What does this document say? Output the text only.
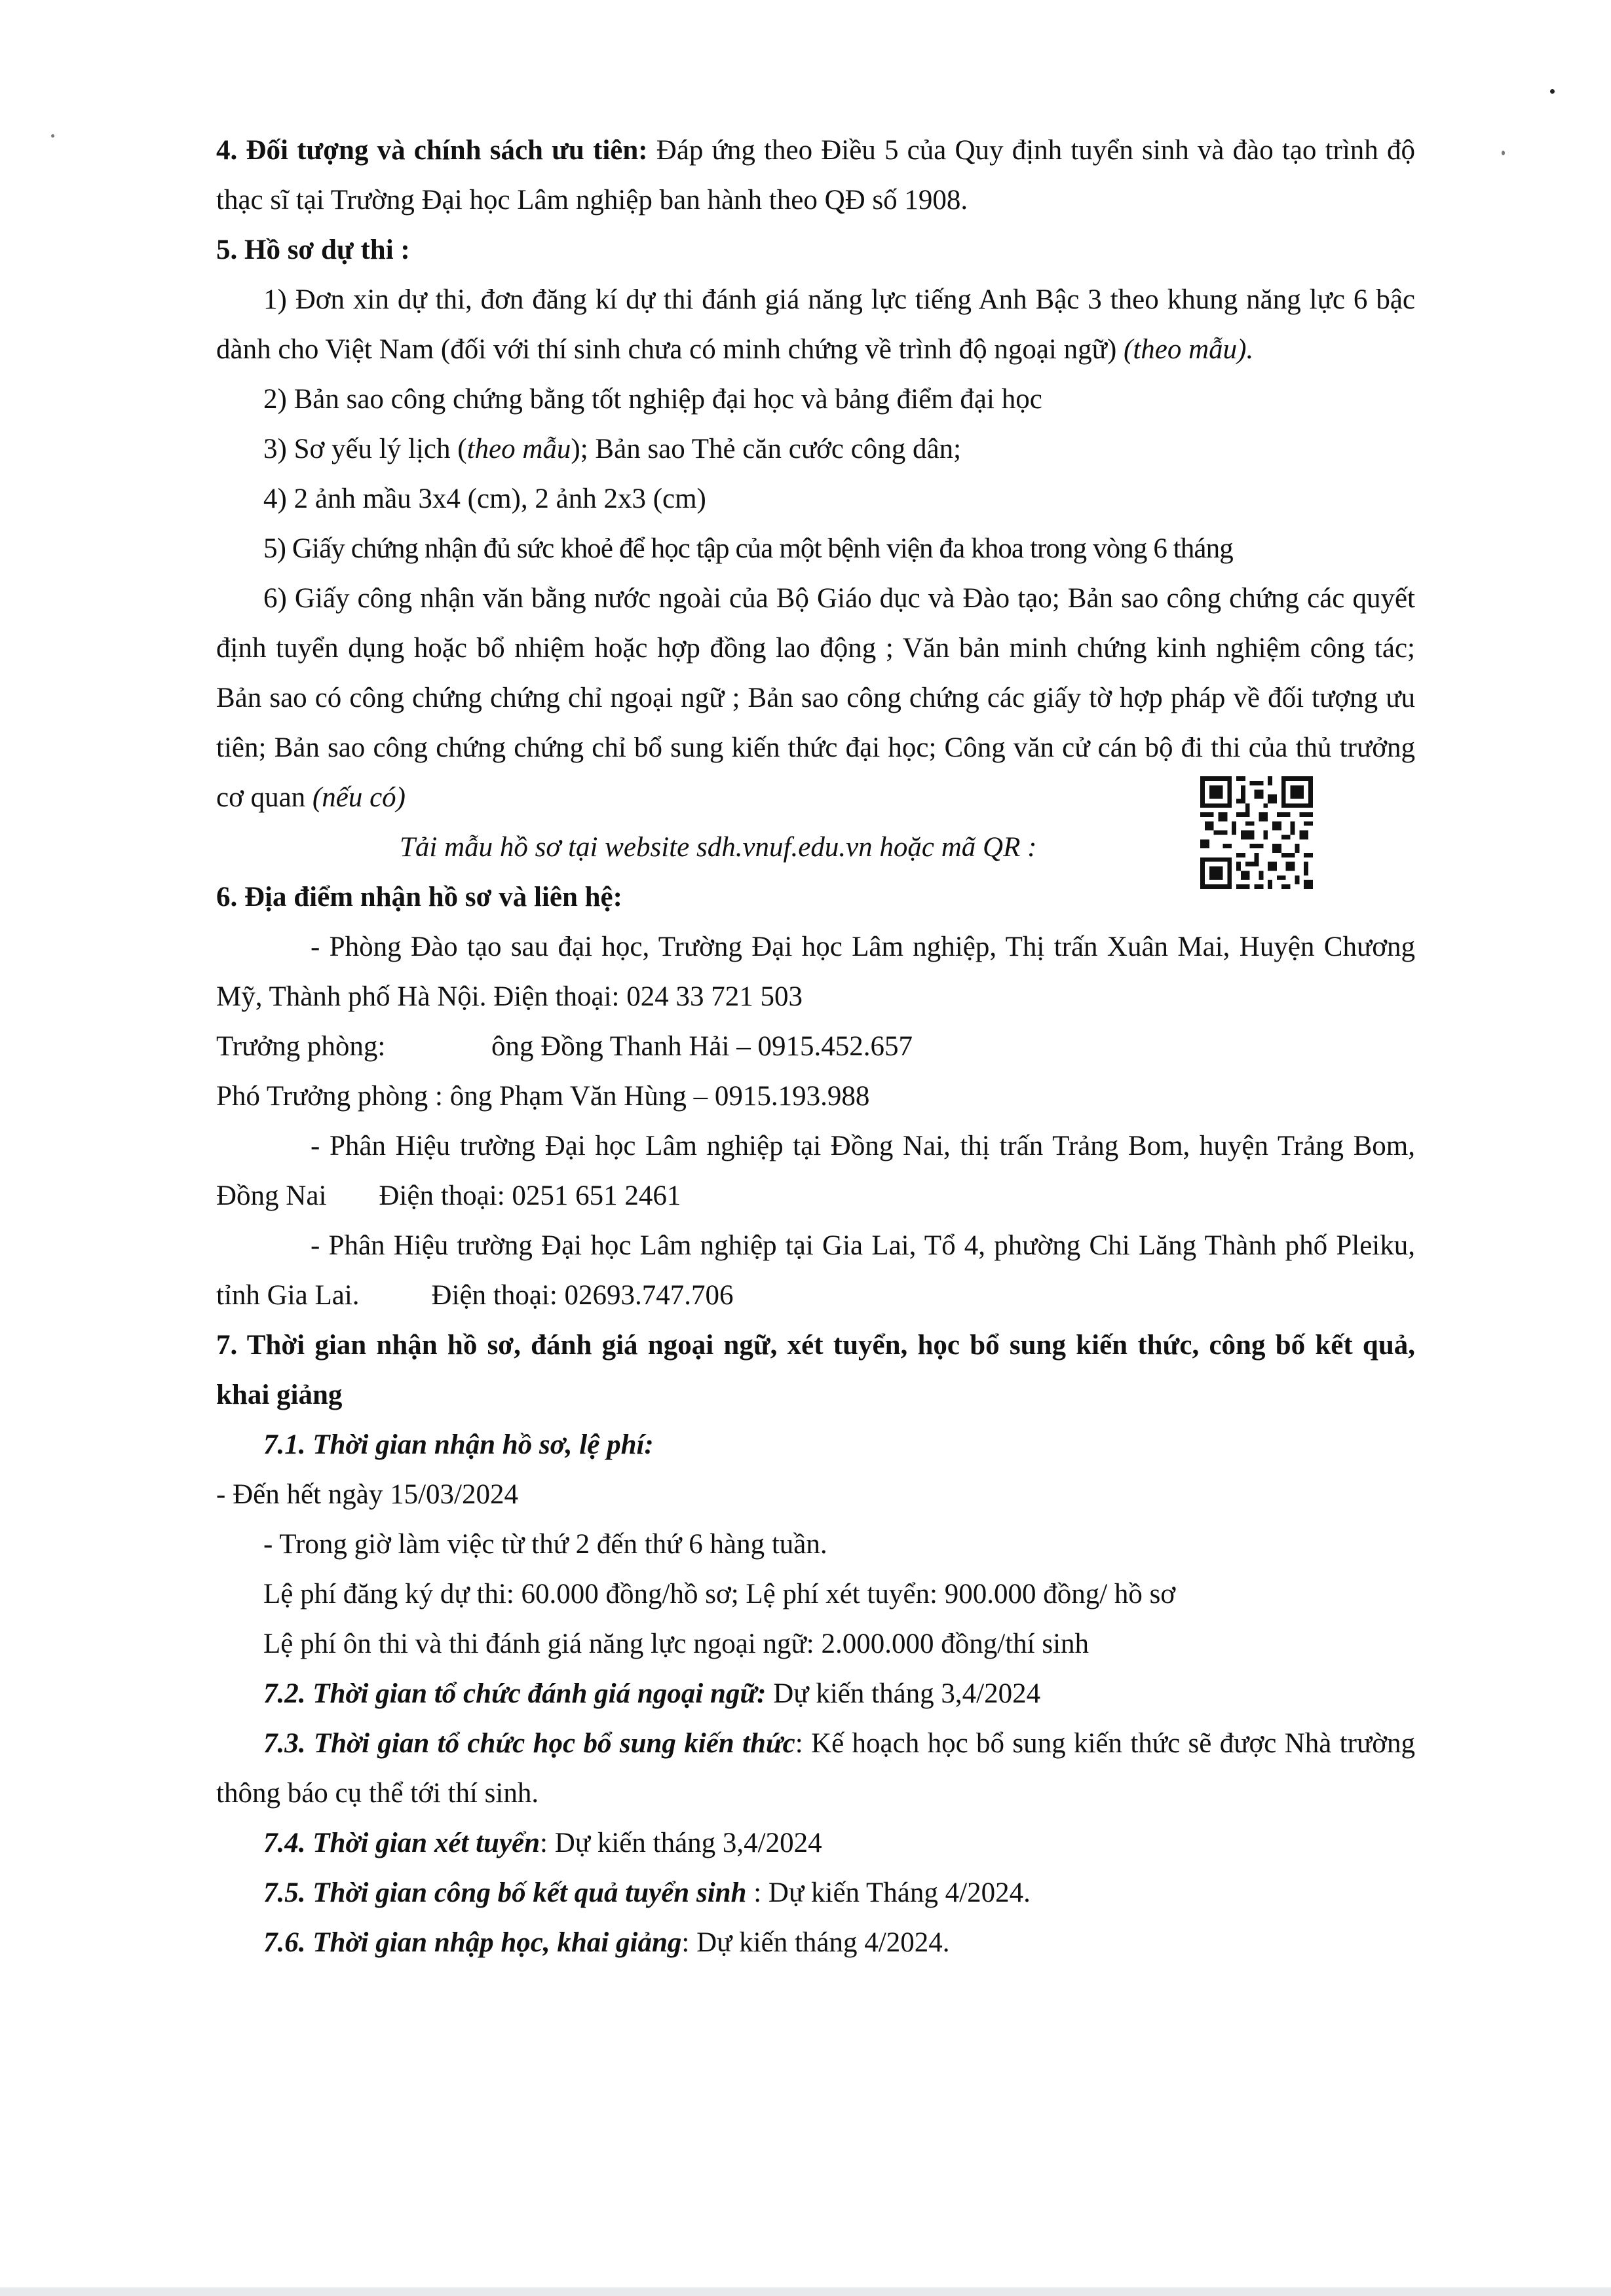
4. Đối tượng và chính sách ưu tiên: Đáp ứng theo Điều 5 của Quy định tuyển sinh và đào tạo trình độ thạc sĩ tại Trường Đại học Lâm nghiệp ban hành theo QĐ số 1908.

5. Hồ sơ dự thi :

1) Đơn xin dự thi, đơn đăng kí dự thi đánh giá năng lực tiếng Anh Bậc 3 theo khung năng lực 6 bậc dành cho Việt Nam (đối với thí sinh chưa có minh chứng về trình độ ngoại ngữ) (theo mẫu).

2) Bản sao công chứng bằng tốt nghiệp đại học và bảng điểm đại học

3) Sơ yếu lý lịch (theo mẫu); Bản sao Thẻ căn cước công dân;

4) 2 ảnh mầu 3x4 (cm), 2 ảnh 2x3 (cm)

5) Giấy chứng nhận đủ sức khoẻ để học tập của một bệnh viện đa khoa trong vòng 6 tháng

6) Giấy công nhận văn bằng nước ngoài của Bộ Giáo dục và Đào tạo; Bản sao công chứng các quyết định tuyển dụng hoặc bổ nhiệm hoặc hợp đồng lao động ; Văn bản minh chứng kinh nghiệm công tác; Bản sao có công chứng chứng chỉ ngoại ngữ ; Bản sao công chứng các giấy tờ hợp pháp về đối tượng ưu tiên; Bản sao công chứng chứng chỉ bổ sung kiến thức đại học; Công văn cử cán bộ đi thi của thủ trưởng cơ quan (nếu có)

Tải mẫu hồ sơ tại website sdh.vnuf.edu.vn hoặc mã QR :

6. Địa điểm nhận hồ sơ và liên hệ:

- Phòng Đào tạo sau đại học, Trường Đại học Lâm nghiệp, Thị trấn Xuân Mai, Huyện Chương Mỹ, Thành phố Hà Nội. Điện thoại: 024 33 721 503

Trưởng phòng:	ông Đồng Thanh Hải – 0915.452.657

Phó Trưởng phòng : ông Phạm Văn Hùng – 0915.193.988

- Phân Hiệu trường Đại học Lâm nghiệp tại Đồng Nai, thị trấn Trảng Bom, huyện Trảng Bom, Đồng Nai Điện thoại: 0251 651 2461

- Phân Hiệu trường Đại học Lâm nghiệp tại Gia Lai, Tổ 4, phường Chi Lăng Thành phố Pleiku, tỉnh Gia Lai.	Điện thoại: 02693.747.706

7. Thời gian nhận hồ sơ, đánh giá ngoại ngữ, xét tuyển, học bổ sung kiến thức, công bố kết quả, khai giảng

7.1. Thời gian nhận hồ sơ, lệ phí:

- Đến hết ngày 15/03/2024

- Trong giờ làm việc từ thứ 2 đến thứ 6 hàng tuần.

Lệ phí đăng ký dự thi: 60.000 đồng/hồ sơ; Lệ phí xét tuyển: 900.000 đồng/ hồ sơ

Lệ phí ôn thi và thi đánh giá năng lực ngoại ngữ: 2.000.000 đồng/thí sinh

7.2. Thời gian tổ chức đánh giá ngoại ngữ: Dự kiến tháng 3,4/2024

7.3. Thời gian tổ chức học bổ sung kiến thức: Kế hoạch học bổ sung kiến thức sẽ được Nhà trường thông báo cụ thể tới thí sinh.

7.4. Thời gian xét tuyển: Dự kiến tháng 3,4/2024

7.5. Thời gian công bố kết quả tuyển sinh : Dự kiến Tháng 4/2024.

7.6. Thời gian nhập học, khai giảng: Dự kiến tháng 4/2024.
